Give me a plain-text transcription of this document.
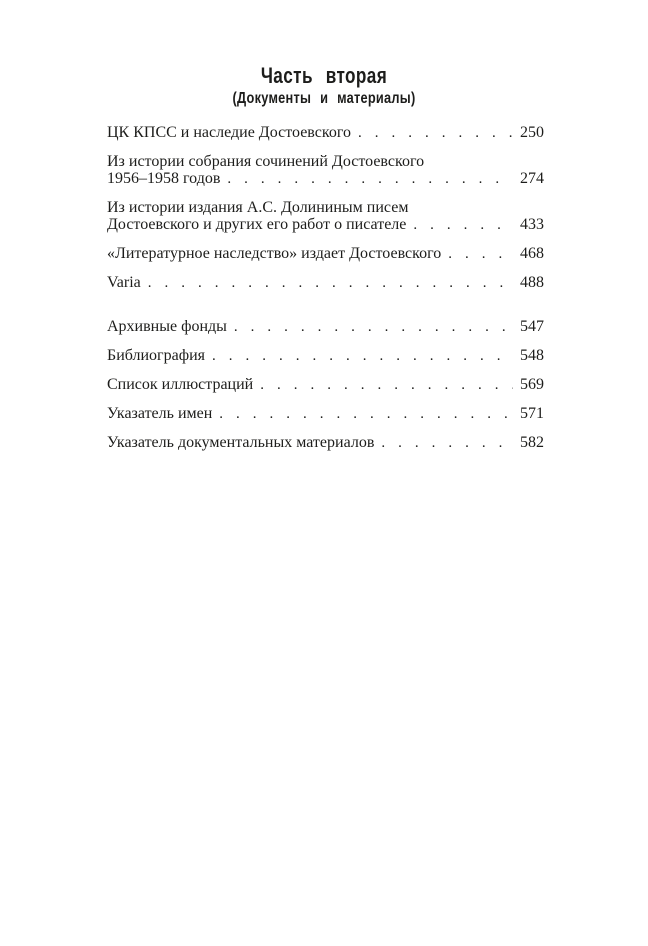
Часть вторая
(Документы и материалы)
ЦК КПСС и наследие Достоевского .....	250
Из истории собрания сочинений Достоевского
1956–1958 годов .....	274
Из истории издания А.С. Долининым писем
Достоевского и других его работ о писателе .....	433
«Литературное наследство» издает Достоевского .....	468
Varia .....	488
Архивные фонды .....	547
Библиография .....	548
Список иллюстраций .....	569
Указатель имен .....	571
Указатель документальных материалов .....	582
